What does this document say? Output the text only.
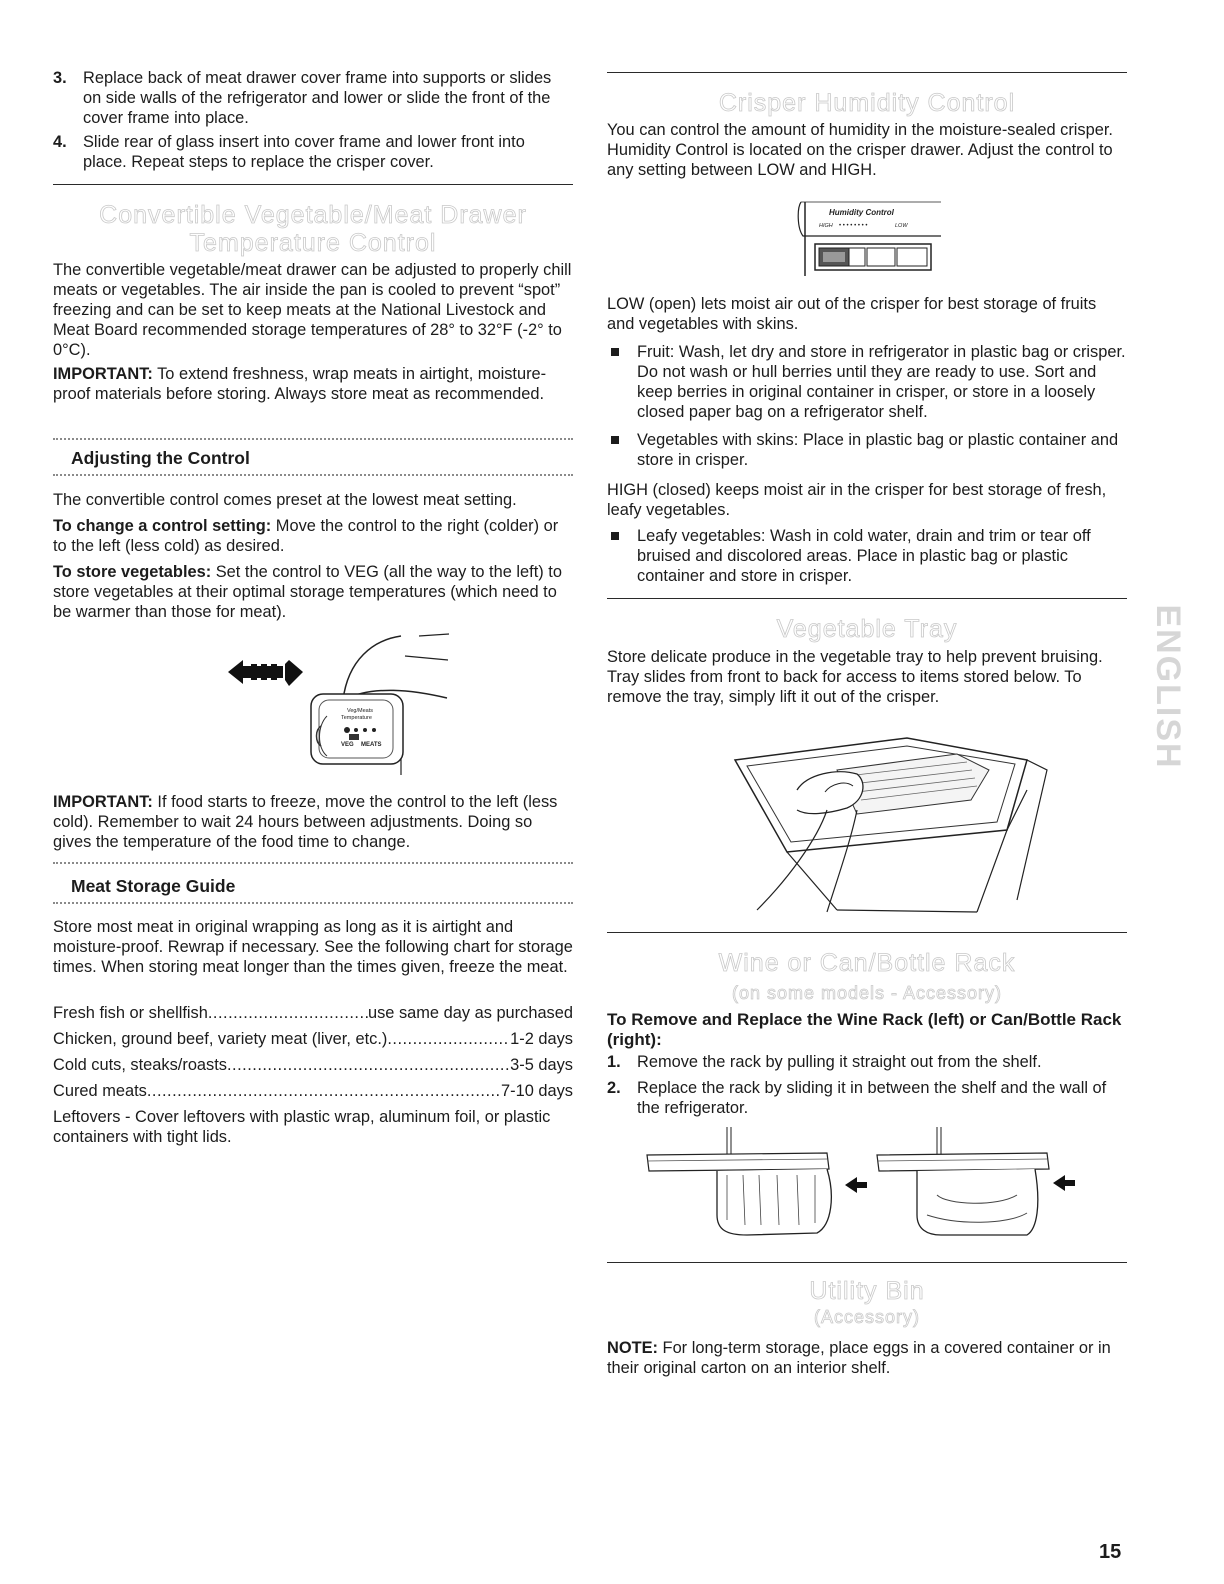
3. Replace back of meat drawer cover frame into supports or slides on side walls of the refrigerator and lower or slide the front of the cover frame into place.
4. Slide rear of glass insert into cover frame and lower front into place. Repeat steps to replace the crisper cover.
Convertible Vegetable/Meat Drawer
Temperature Control

The convertible vegetable/meat drawer can be adjusted to properly chill meats or vegetables. The air inside the pan is cooled to prevent “spot” freezing and can be set to keep meats at the National Livestock and Meat Board recommended storage temperatures of 28° to 32°F (-2° to 0°C).

IMPORTANT: To extend freshness, wrap meats in airtight, moisture-proof materials before storing. Always store meat as recommended.

Adjusting the Control

The convertible control comes preset at the lowest meat setting.

To change a control setting: Move the control to the right (colder) or to the left (less cold) as desired.

To store vegetables: Set the control to VEG (all the way to the left) to store vegetables at their optimal storage temperatures (which need to be warmer than those for meat).

Veg/Meats
Temperature
VEG MEATS

IMPORTANT: If food starts to freeze, move the control to the left (less cold). Remember to wait 24 hours between adjustments. Doing so gives the temperature of the food time to change.

Meat Storage Guide

Store most meat in original wrapping as long as it is airtight and moisture-proof. Rewrap if necessary. See the following chart for storage times. When storing meat longer than the times given, freeze the meat.

Fresh fish or shellfish .....	use same day as purchased
Chicken, ground beef, variety meat (liver, etc.) .....	1-2 days
Cold cuts, steaks/roasts .....	3-5 days
Cured meats .....	7-10 days

Leftovers - Cover leftovers with plastic wrap, aluminum foil, or plastic containers with tight lids.

Crisper Humidity Control

You can control the amount of humidity in the moisture-sealed crisper. Humidity Control is located on the crisper drawer. Adjust the control to any setting between LOW and HIGH.

Humidity Control
HIGH • • • • • • • •	LOW

LOW (open) lets moist air out of the crisper for best storage of fruits and vegetables with skins.

Fruit: Wash, let dry and store in refrigerator in plastic bag or crisper. Do not wash or hull berries until they are ready to use. Sort and keep berries in original container in crisper, or store in a loosely closed paper bag on a refrigerator shelf.
Vegetables with skins: Place in plastic bag or plastic container and store in crisper.

HIGH (closed) keeps moist air in the crisper for best storage of fresh, leafy vegetables.

Leafy vegetables: Wash in cold water, drain and trim or tear off bruised and discolored areas. Place in plastic bag or plastic container and store in crisper.
Vegetable Tray

Store delicate produce in the vegetable tray to help prevent bruising. Tray slides from front to back for access to items stored below. To remove the tray, simply lift it out of the crisper.

Wine or Can/Bottle Rack
(on some models - Accessory)

To Remove and Replace the Wine Rack (left) or Can/Bottle Rack (right):

1. Remove the rack by pulling it straight out from the shelf.
2. Replace the rack by sliding it in between the shelf and the wall of the refrigerator.
Utility Bin
(Accessory)

NOTE: For long-term storage, place eggs in a covered container or in their original carton on an interior shelf.

ENGLISH
15
